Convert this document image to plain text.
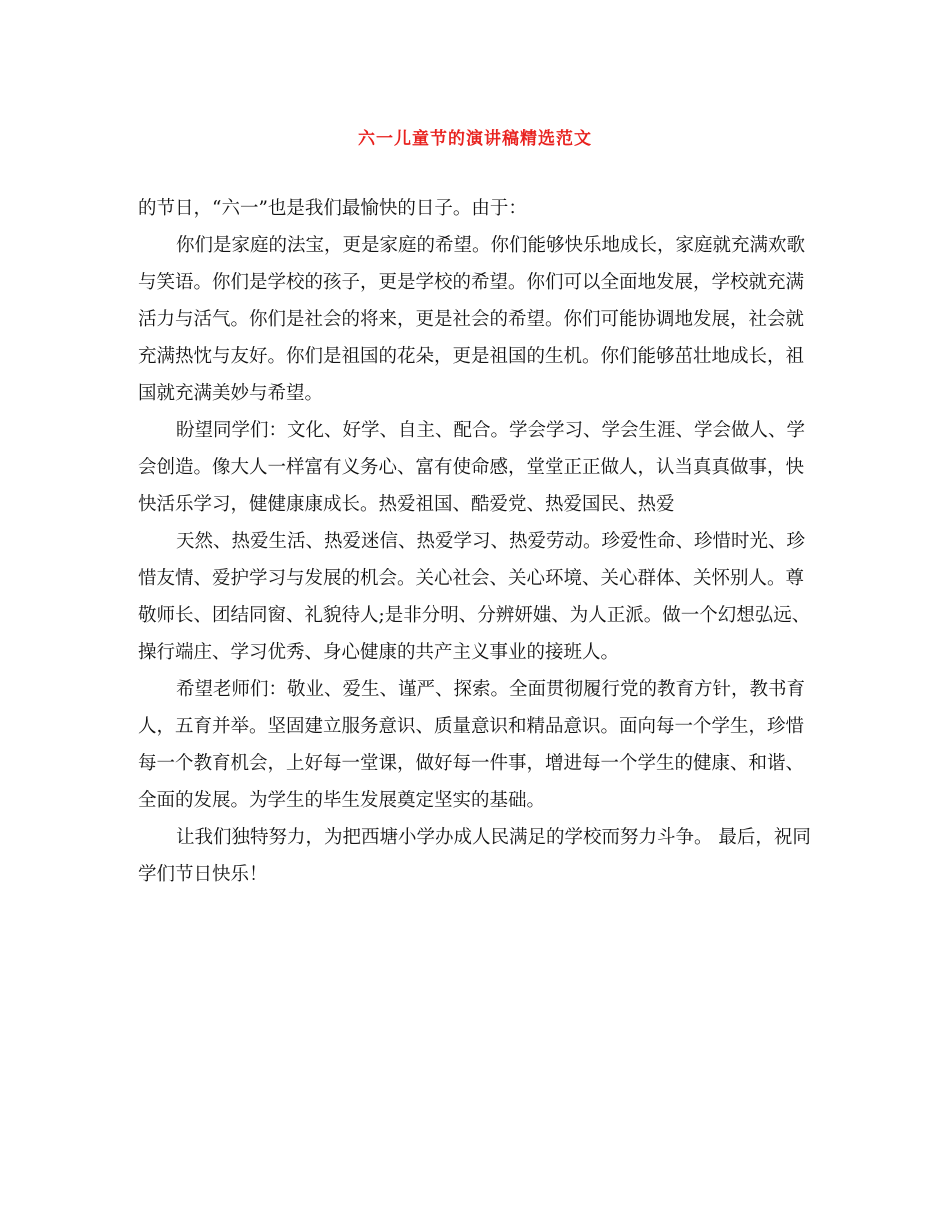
六一儿童节的演讲稿精选范文

的节日，“六一”也是我们最愉快的日子。由于：

你们是家庭的法宝，更是家庭的希望。你们能够快乐地成长，家庭就充满欢歌与笑语。你们是学校的孩子，更是学校的希望。你们可以全面地发展，学校就充满活力与活气。你们是社会的将来，更是社会的希望。你们可能协调地发展，社会就充满热忱与友好。你们是祖国的花朵，更是祖国的生机。你们能够茁壮地成长，祖国就充满美妙与希望。

盼望同学们：文化、好学、自主、配合。学会学习、学会生涯、学会做人、学会创造。像大人一样富有义务心、富有使命感，堂堂正正做人，认当真真做事，快快活乐学习，健健康康成长。热爱祖国、酷爱党、热爱国民、热爱

天然、热爱生活、热爱迷信、热爱学习、热爱劳动。珍爱性命、珍惜时光、珍惜友情、爱护学习与发展的机会。关心社会、关心环境、关心群体、关怀别人。尊敬师长、团结同窗、礼貌待人;是非分明、分辨妍媸、为人正派。做一个幻想弘远、操行端庄、学习优秀、身心健康的共产主义事业的接班人。

希望老师们：敬业、爱生、谨严、探索。全面贯彻履行党的教育方针，教书育人，五育并举。坚固建立服务意识、质量意识和精品意识。面向每一个学生，珍惜每一个教育机会，上好每一堂课，做好每一件事，增进每一个学生的健康、和谐、全面的发展。为学生的毕生发展奠定坚实的基础。

让我们独特努力，为把西塘小学办成人民满足的学校而努力斗争。 最后，祝同学们节日快乐！
